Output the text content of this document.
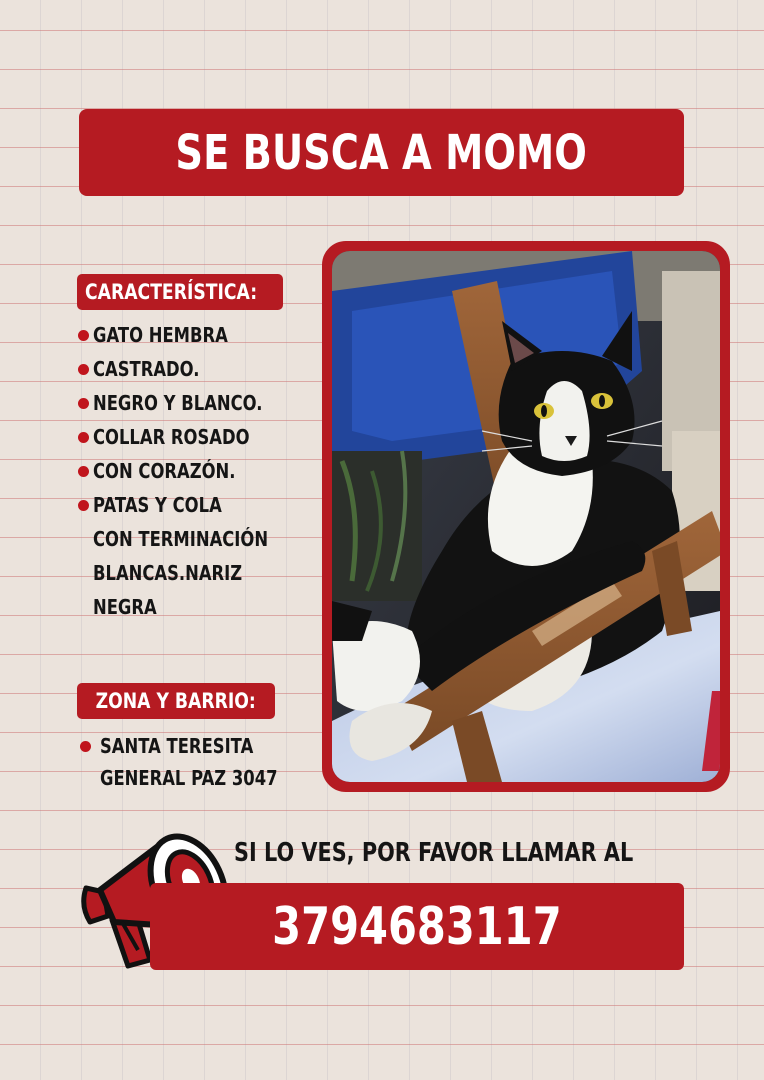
SE BUSCA A MOMO
CARACTERÍSTICA:
GATO HEMBRA
CASTRADO.
NEGRO Y BLANCO.
COLLAR ROSADO
CON CORAZÓN.
PATAS Y COLA
CON TERMINACIÓN
BLANCAS.NARIZ
NEGRA
ZONA Y BARRIO:
SANTA TERESITA
GENERAL PAZ 3047
SI LO VES, POR FAVOR LLAMAR AL
3794683117
